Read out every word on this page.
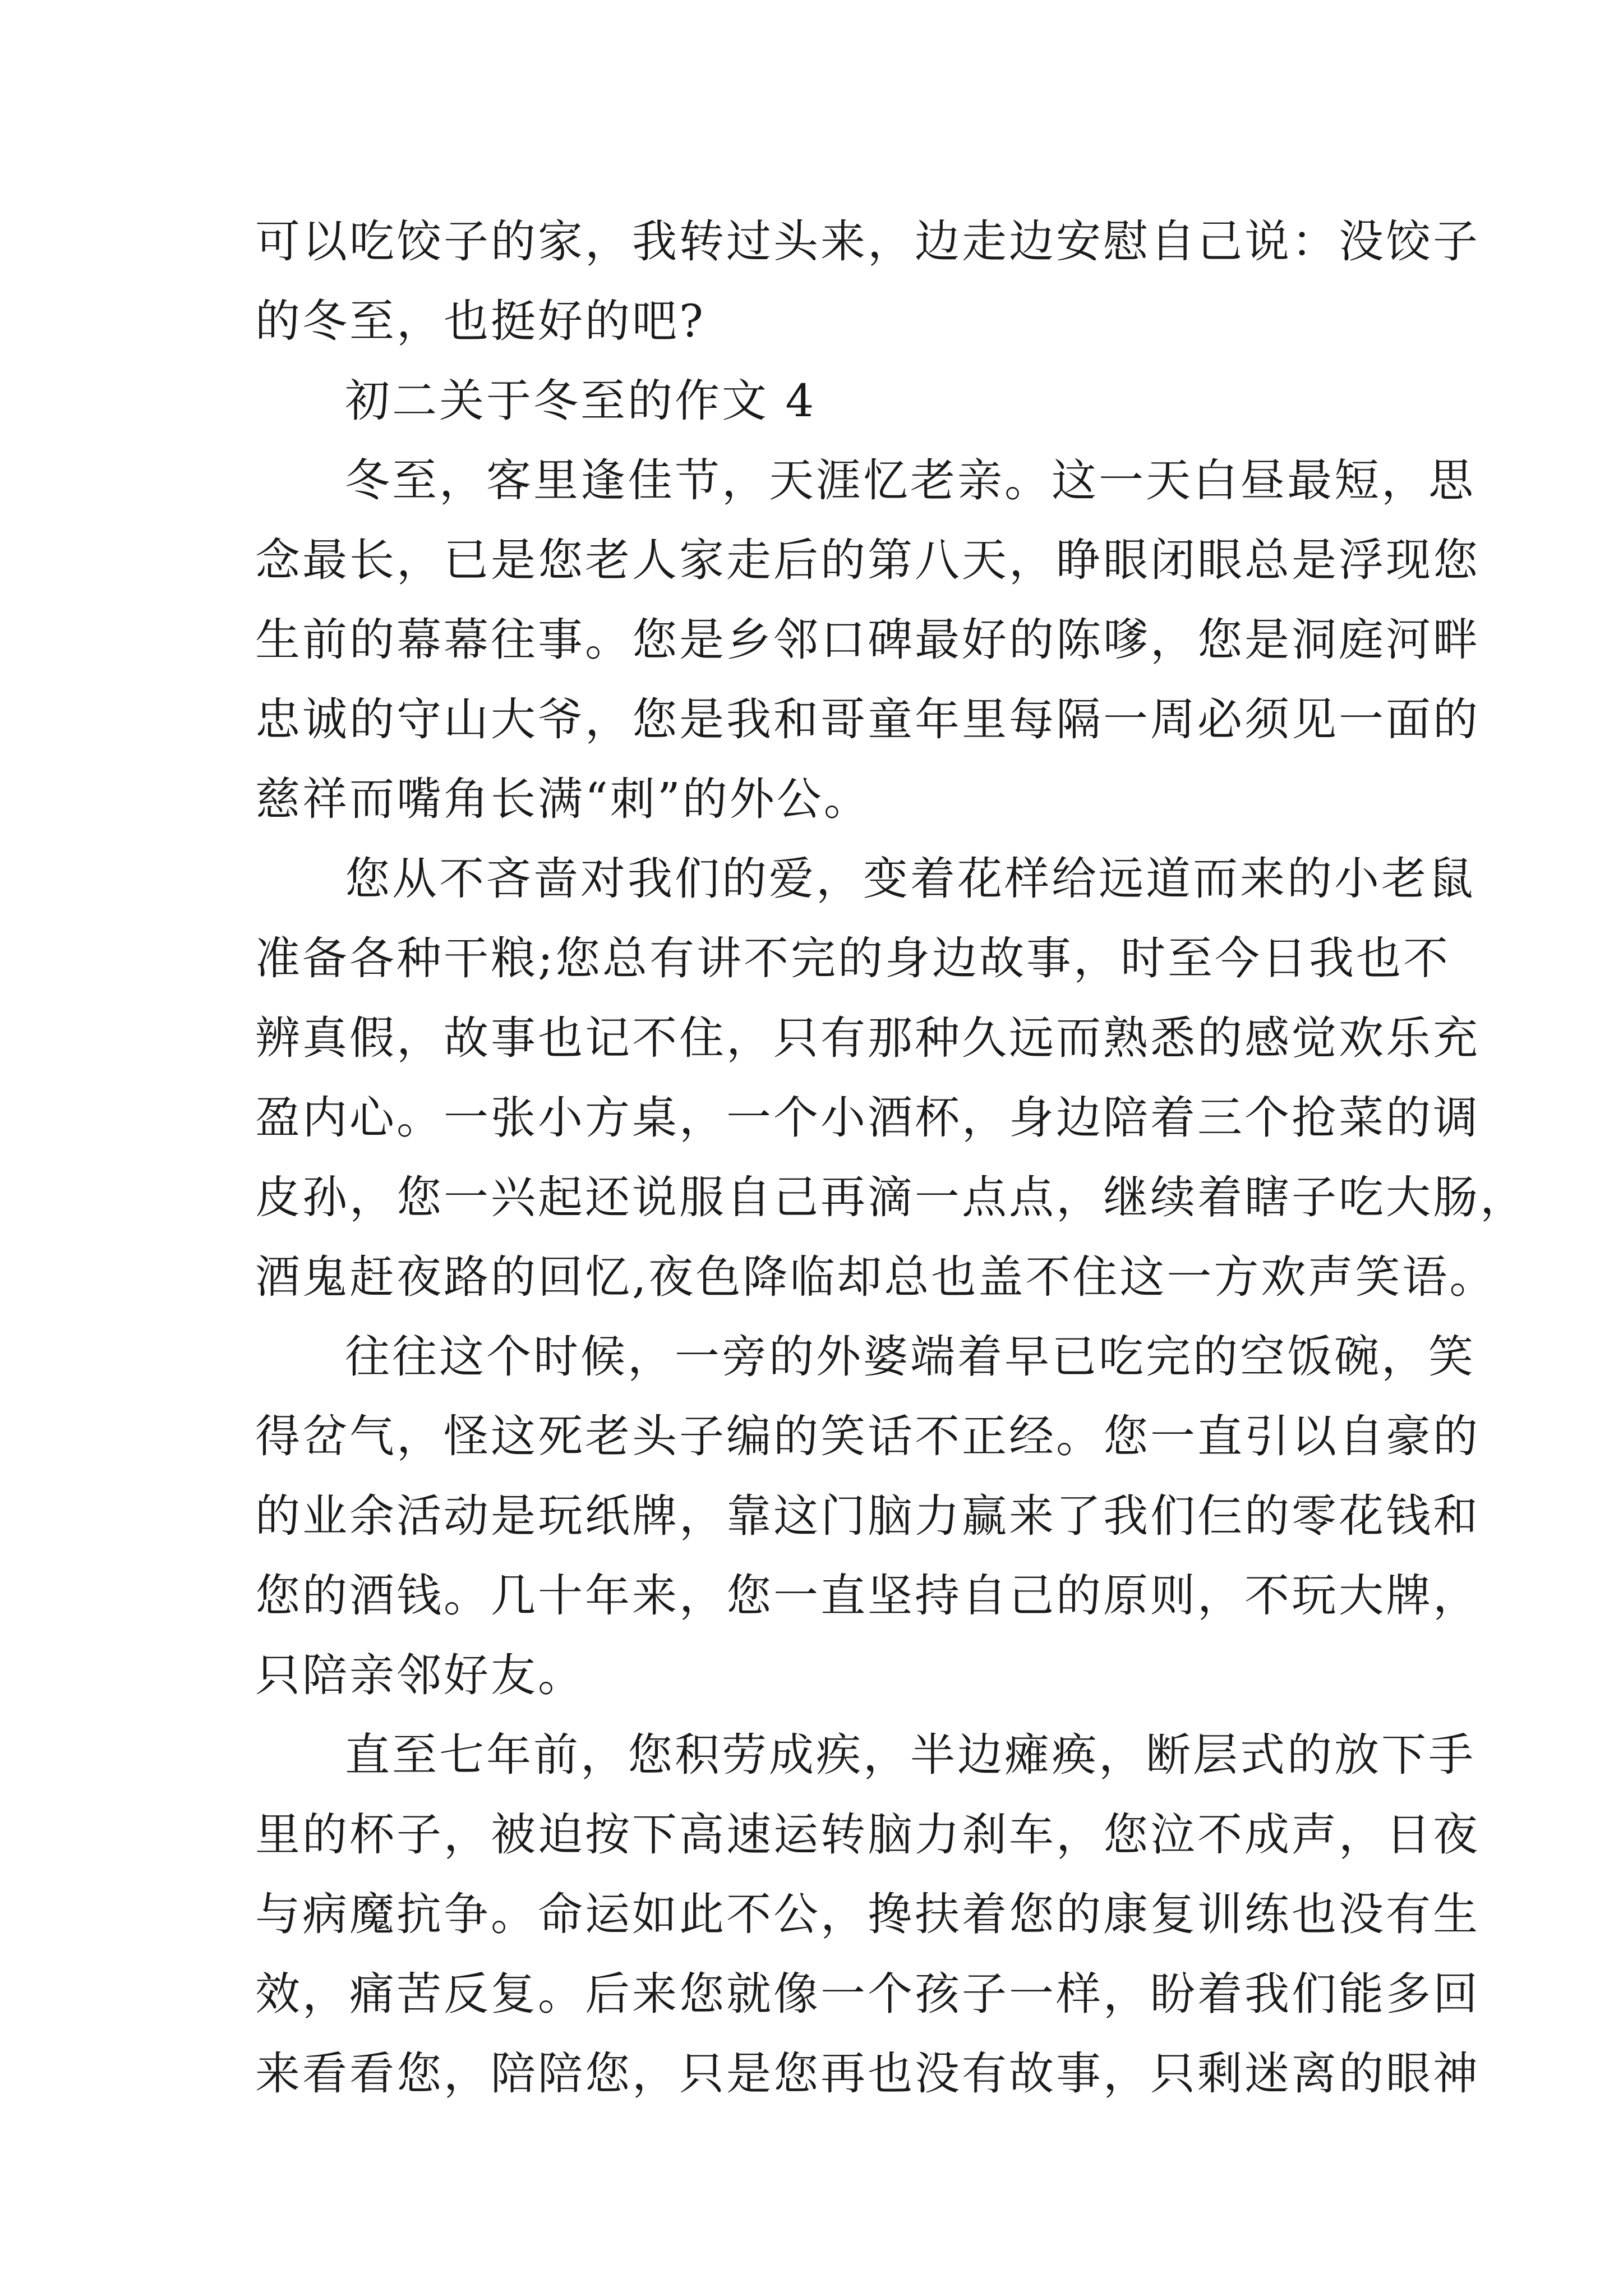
可以吃饺子的家，我转过头来，边走边安慰自己说：没饺子
的冬至，也挺好的吧?
初二关于冬至的作文 4
冬至，客里逢佳节，天涯忆老亲。这一天白昼最短，思
念最长，已是您老人家走后的第八天，睁眼闭眼总是浮现您
生前的幕幕往事。您是乡邻口碑最好的陈嗲，您是洞庭河畔
忠诚的守山大爷，您是我和哥童年里每隔一周必须见一面的
慈祥而嘴角长满“刺”的外公。
您从不吝啬对我们的爱，变着花样给远道而来的小老鼠
准备各种干粮;您总有讲不完的身边故事，时至今日我也不
辨真假，故事也记不住，只有那种久远而熟悉的感觉欢乐充
盈内心。一张小方桌，一个小酒杯，身边陪着三个抢菜的调
皮孙，您一兴起还说服自己再滴一点点，继续着瞎子吃大肠，
酒鬼赶夜路的回忆,夜色降临却总也盖不住这一方欢声笑语。
往往这个时候，一旁的外婆端着早已吃完的空饭碗，笑
得岔气，怪这死老头子编的笑话不正经。您一直引以自豪的
的业余活动是玩纸牌，靠这门脑力赢来了我们仨的零花钱和
您的酒钱。几十年来，您一直坚持自己的原则，不玩大牌，
只陪亲邻好友。
直至七年前，您积劳成疾，半边瘫痪，断层式的放下手
里的杯子，被迫按下高速运转脑力刹车，您泣不成声，日夜
与病魔抗争。命运如此不公，搀扶着您的康复训练也没有生
效，痛苦反复。后来您就像一个孩子一样，盼着我们能多回
来看看您，陪陪您，只是您再也没有故事，只剩迷离的眼神
